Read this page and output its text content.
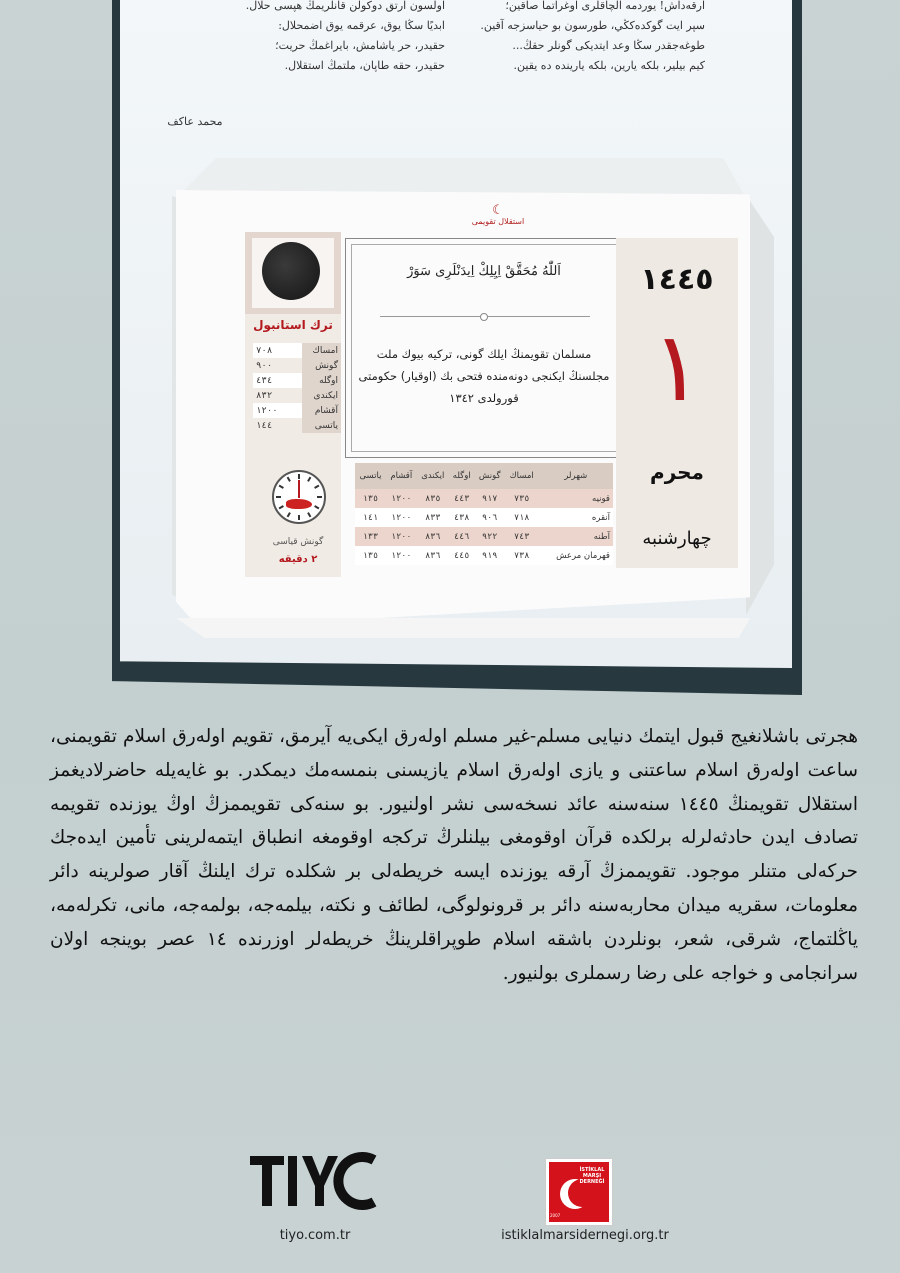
اولسون آرتق دوکولن قانلریمڭ هپسی حلال.
ابديًا سڭا يوق، عرقمه يوق اضمحلال:
حقيدر، حر ياشامش، بايراغمڭ حريت؛
حقيدر، حقه طاپان، ملتمڭ استقلال.
آرقه‌داش! يوردمه آلچاقلرى اوغراتما صاقين؛
سپر ايت گوكده‌كڭي، طورسون بو حياسزجه آقين.
طوغه‌جقدر سڭا وعد ايتديكى گونلر حقڭ...
كيم بيلير، بلكه يارين، بلكه يارينده ده يقين.
محمد عاكف
☾
استقلال تقويمى
ترك استانبول
امساك	٧٠٨
گونش	٩٠٠
اوگله	٤٣٤
ايكندى	٨٣٢
آقشام	١٢٠٠
ياتسى	١٤٤
گونش قياسى
٢ دقيقه
اَللّٰهُ مُحَقَّقْ اِيِلِكْ اِيدَنْلَرِى سَوَرْ
مسلمان تقويمنڭ ايلك گونى، تركيه بيوك ملت مجلسنڭ ايكنجى دونه‌منده فتحى بك (اوقيار) حكومتى قورولدى ١٣٤٢
شهرلر	امساك	گونش	اوگله	ايكندى	آقشام	ياتسى
قونيه	٧٣٥	٩١٧	٤٤٣	٨٣٥	١٢٠٠	١٣٥
آنقره	٧١٨	٩٠٦	٤٣٨	٨٣٣	١٢٠٠	١٤١
آطنه	٧٤٣	٩٢٢	٤٤٦	٨٣٦	١٢٠٠	١٣٣
قهرمان مرعش	٧٣٨	٩١٩	٤٤٥	٨٣٦	١٢٠٠	١٣٥
١٤٤٥
١
محرم
چهارشنبه
هجرتى باشلانغيج قبول ايتمك دنيايى مسلم-غير مسلم اوله‌رق ايكى‌يه آيرمق، تقويم اوله‌رق اسلام تقويمنى، ساعت اوله‌رق اسلام ساعتنى و يازى اوله‌رق اسلام يازيسنى بنمسه‌مك ديمكدر. بو غايه‌يله حاضرلاديغمز استقلال تقويمنڭ ١٤٤٥ سنه‌سنه عائد نسخه‌سى نشر اولنيور. بو سنه‌كى تقويممزڭ اوڭ يوزنده تقويمه تصادف ايدن حادثه‌لرله برلكده قرآن اوقومغى بيلنلرڭ تركجه اوقومغه انطباق ايتمه‌لرينى تأمين ايده‌جك حركه‌لى متنلر موجود. تقويممزڭ آرقه يوزنده ايسه خريطه‌لى بر شكلده ترك ايلنڭ آقار صولرينه دائر معلومات، سقريه ميدان محاربه‌سنه دائر بر قرونولوگى، لطائف و نكته، بيلمه‌جه، بولمه‌جه، مانى، تكرله‌مه، ياڭلتماج، شرقى، شعر، بونلردن باشقه اسلام طوپراقلرينڭ خريطه‌لر اوزرنده ١٤ عصر بوينجه اولان سرانجامى و خواجه على رضا رسملرى بولنيور.
tiyo.com.tr
İSTİKLAL
MARŞI
DERNEĞİ
2007
istiklalmarsidernegi.org.tr
